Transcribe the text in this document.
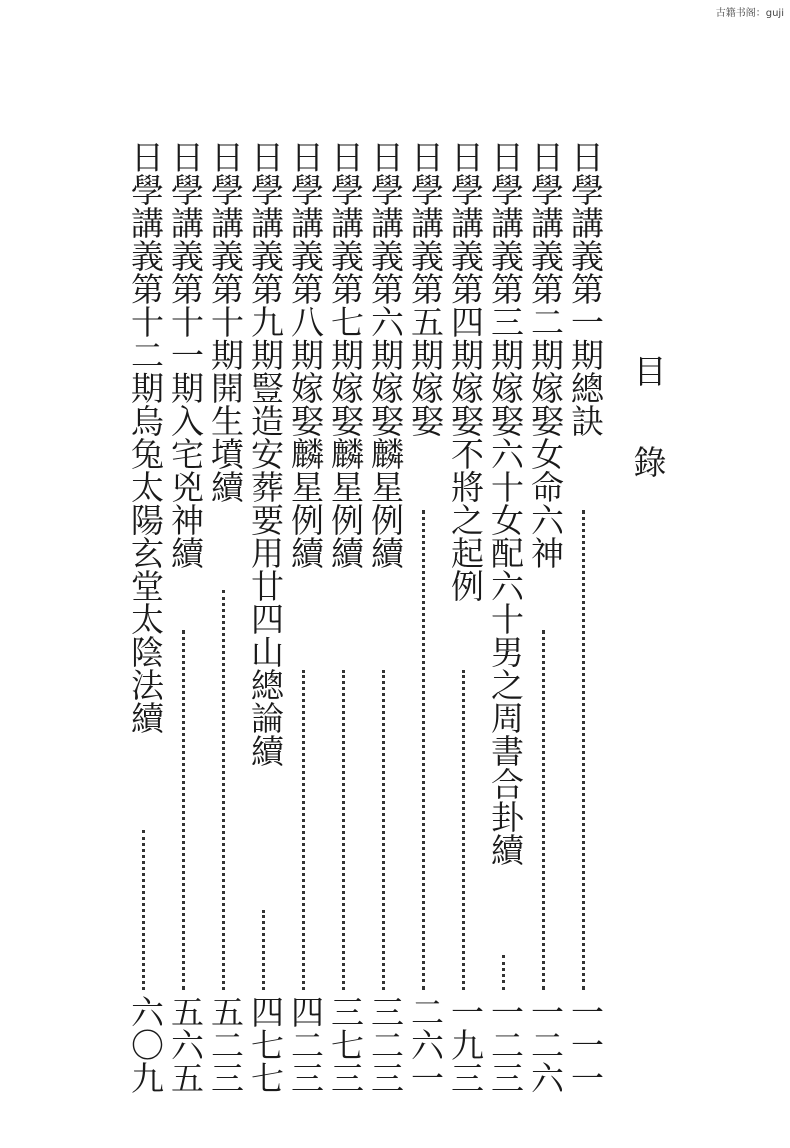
古籍书阁：guji
目
錄
日學講義第一期總訣
一一一
日學講義第二期嫁娶女命六神
一二六
日學講義第三期嫁娶六十女配六十男之周書合卦續
一二三
日學講義第四期嫁娶不將之起例
一九三
日學講義第五期嫁娶
二六一
日學講義第六期嫁娶麟星例續
三二三
日學講義第七期嫁娶麟星例續
三七三
日學講義第八期嫁娶麟星例續
四二三
日學講義第九期豎造安葬要用廿四山總論續
四七七
日學講義第十期開生墳續
五二三
日學講義第十一期入宅兇神續
五六五
日學講義第十二期烏兔太陽玄堂太陰法續
六〇九
